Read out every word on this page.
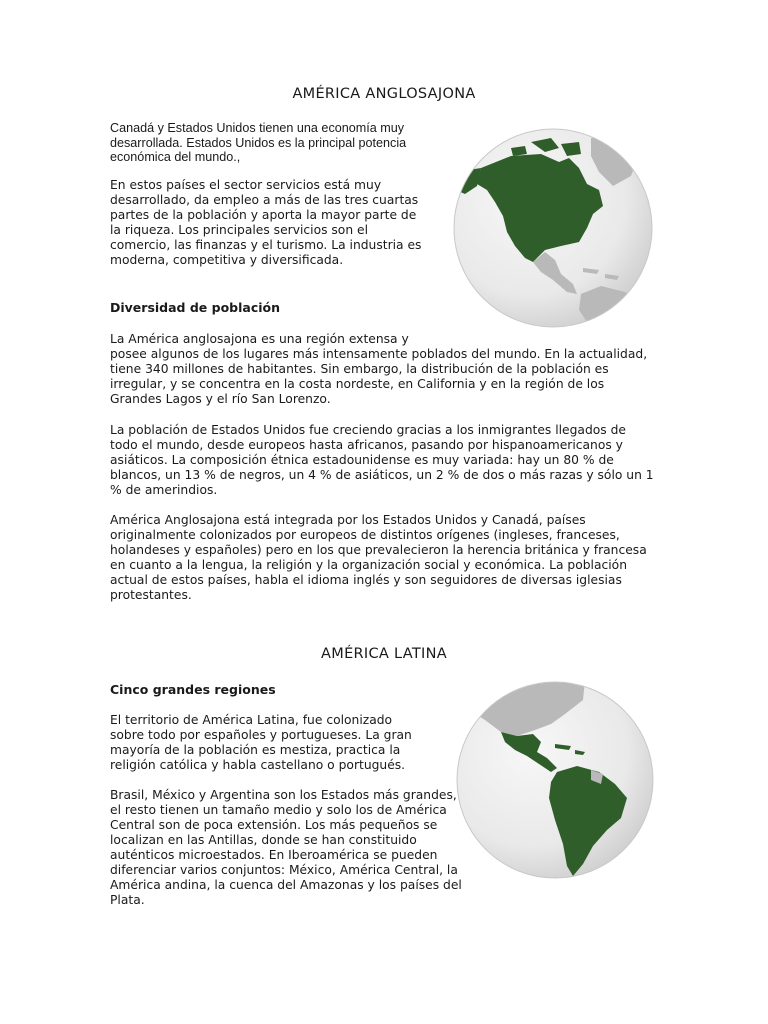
AMÉRICA ANGLOSAJONA

Canadá y Estados Unidos tienen una economía muy desarrollada. Estados Unidos es la principal potencia económica del mundo.,

En estos países el sector servicios está muy desarrollado, da empleo a más de las tres cuartas partes de la población y aporta la mayor parte de la riqueza. Los principales servicios son el comercio, las finanzas y el turismo. La industria es moderna, competitiva y diversificada.

Diversidad de población

La América anglosajona es una región extensa y

posee algunos de los lugares más intensamente poblados del mundo. En la actualidad, tiene 340 millones de habitantes. Sin embargo, la distribución de la población es irregular, y se concentra en la costa nordeste, en California y en la región de los Grandes Lagos y el río San Lorenzo.

La población de Estados Unidos fue creciendo gracias a los inmigrantes llegados de todo el mundo, desde europeos hasta africanos, pasando por hispanoamericanos y asiáticos. La composición étnica estadounidense es muy variada: hay un 80 % de blancos, un 13 % de negros, un 4 % de asiáticos, un 2 % de dos o más razas y sólo un 1 % de amerindios.

América Anglosajona está integrada por los Estados Unidos y Canadá, países originalmente colonizados por europeos de distintos orígenes (ingleses, franceses, holandeses y españoles) pero en los que prevalecieron la herencia británica y francesa en cuanto a la lengua, la religión y la organización social y económica. La población actual de estos países, habla el idioma inglés y son seguidores de diversas iglesias protestantes.

AMÉRICA LATINA

Cinco grandes regiones

El territorio de América Latina, fue colonizado sobre todo por españoles y portugueses. La gran mayoría de la población es mestiza, practica la religión católica y habla castellano o portugués.

Brasil, México y Argentina son los Estados más grandes, el resto tienen un tamaño medio y solo los de América Central son de poca extensión. Los más pequeños se localizan en las Antillas, donde se han constituido auténticos microestados. En Iberoamérica se pueden diferenciar varios conjuntos: México, América Central, la América andina, la cuenca del Amazonas y los países del Plata.
